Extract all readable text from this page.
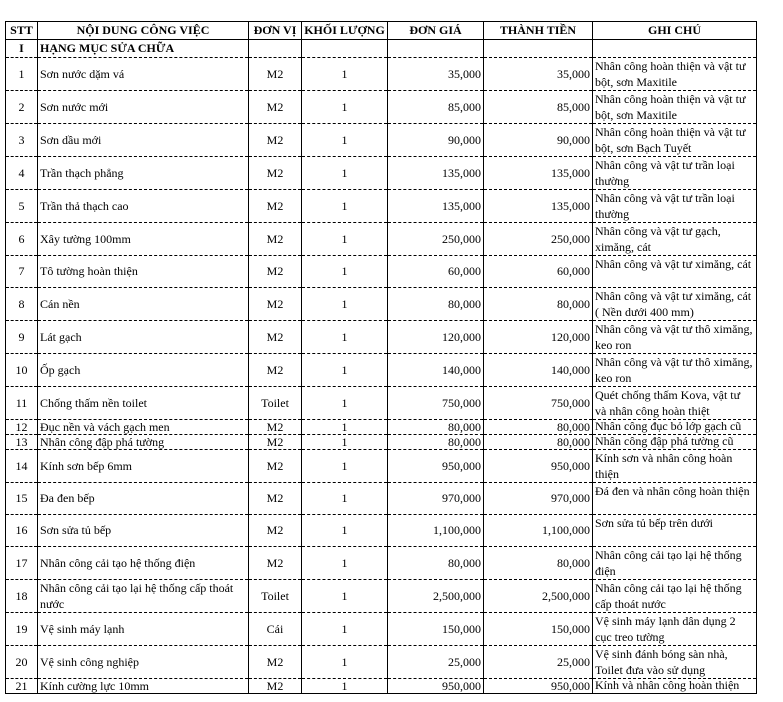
STT	NỘI DUNG CÔNG VIỆC	ĐƠN VỊ	KHỐI LƯỢNG	ĐƠN GIÁ	THÀNH TIỀN	GHI CHÚ
I	HẠNG MỤC SỬA CHỮA					
1	Sơn nước dặm vá	M2	1	35,000	35,000	Nhân công hoàn thiện và vật tư bột, sơn Maxitile
2	Sơn nước mới	M2	1	85,000	85,000	Nhân công hoàn thiện và vật tư bột, sơn Maxitile
3	Sơn dầu mới	M2	1	90,000	90,000	Nhân công hoàn thiện và vật tư bột, sơn Bạch Tuyết
4	Trần thạch phẳng	M2	1	135,000	135,000	Nhân công và vật tư trần loại thường
5	Trần thả thạch cao	M2	1	135,000	135,000	Nhân công và vật tư trần loại thường
6	Xây tường 100mm	M2	1	250,000	250,000	Nhân công và vật tư gạch, ximăng, cát
7	Tô tường hoàn thiện	M2	1	60,000	60,000	Nhân công và vật tư ximăng, cát
8	Cán nền	M2	1	80,000	80,000	Nhân công và vật tư ximăng, cát ( Nền dưới 400 mm)
9	Lát gạch	M2	1	120,000	120,000	Nhân công và vật tư thô ximăng, keo ron
10	Ốp gạch	M2	1	140,000	140,000	Nhân công và vật tư thô ximăng, keo ron
11	Chống thấm nền toilet	Toilet	1	750,000	750,000	Quét chống thấm Kova, vật tư và nhân công hoàn thiệt
12	Đục nền và vách gạch men	M2	1	80,000	80,000	Nhân công đục bỏ lớp gạch cũ
13	Nhân công đập phá tường	M2	1	80,000	80,000	Nhân công đập phá tường cũ
14	Kính sơn bếp 6mm	M2	1	950,000	950,000	Kính sơn và nhân công hoàn thiện
15	Đa đen bếp	M2	1	970,000	970,000	Đá đen và nhân công hoàn thiện
16	Sơn sửa tủ bếp	M2	1	1,100,000	1,100,000	Sơn sửa tủ bếp trên dưới
17	Nhân công cải tạo hệ thống điện	M2	1	80,000	80,000	Nhân công cải tạo lại hệ thống điện
18	Nhân công cải tạo lại hệ thống cấp thoát nước	Toilet	1	2,500,000	2,500,000	Nhân công cải tạo lại hệ thống cấp thoát nước
19	Vệ sinh máy lạnh	Cái	1	150,000	150,000	Vệ sinh máy lạnh dân dụng 2 cục treo tường
20	Vệ sinh công nghiệp	M2	1	25,000	25,000	Vệ sinh đánh bóng sàn nhà, Toilet đưa vào sử dụng
21	Kính cường lực 10mm	M2	1	950,000	950,000	Kính và nhân công hoàn thiện
